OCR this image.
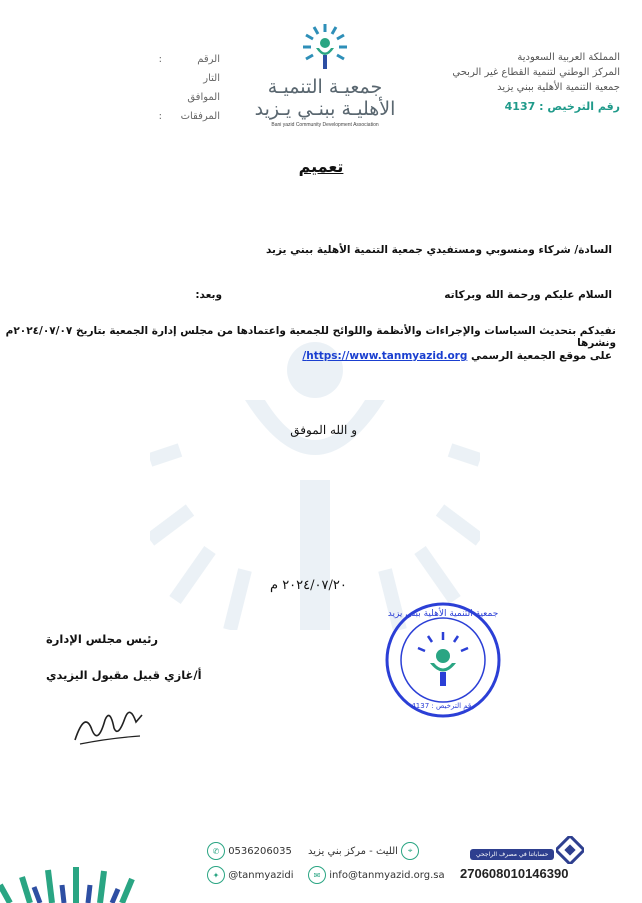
المملكة العربية السعودية
المركز الوطني لتنمية القطاع غير الربحي
جمعية التنمية الأهلية ببني يزيد
رقم الترخيص : 4137
جمعيـة التنميـة
الأهليـة ببنـي يـزيد
Bani yazid Community Development Association
الرقم
:
التار
الموافق
المرفقات
:
تعميم
السادة/ شركاء ومنسوبي ومستفيدي جمعية التنمية الأهلية ببني يزيد
السلام عليكم ورحمة الله وبركاته
وبعد:
نفيدكم بتحديث السياسات والإجراءات والأنظمة واللوائح للجمعية واعتمادها من مجلس إدارة الجمعية بتاريخ ٢٠٢٤/٠٧/٠٧م ونشرها
على موقع الجمعية الرسمي https://www.tanmyazid.org/
و الله الموفق
٢٠٢٤/٠٧/٢٠ م
جمعية التنمية الأهلية ببني يزيد
رقم الترخيص : 4137
رئيس مجلس الإدارة
أ/غازي قبيل مقبول اليزيدي
✆ 0536206035	⌖ الليث - مركز بني يزيد
✦ @tanmyazidi	✉ info@tanmyazid.org.sa
حساباتنا في مصرف الراجحي
270608010146390
